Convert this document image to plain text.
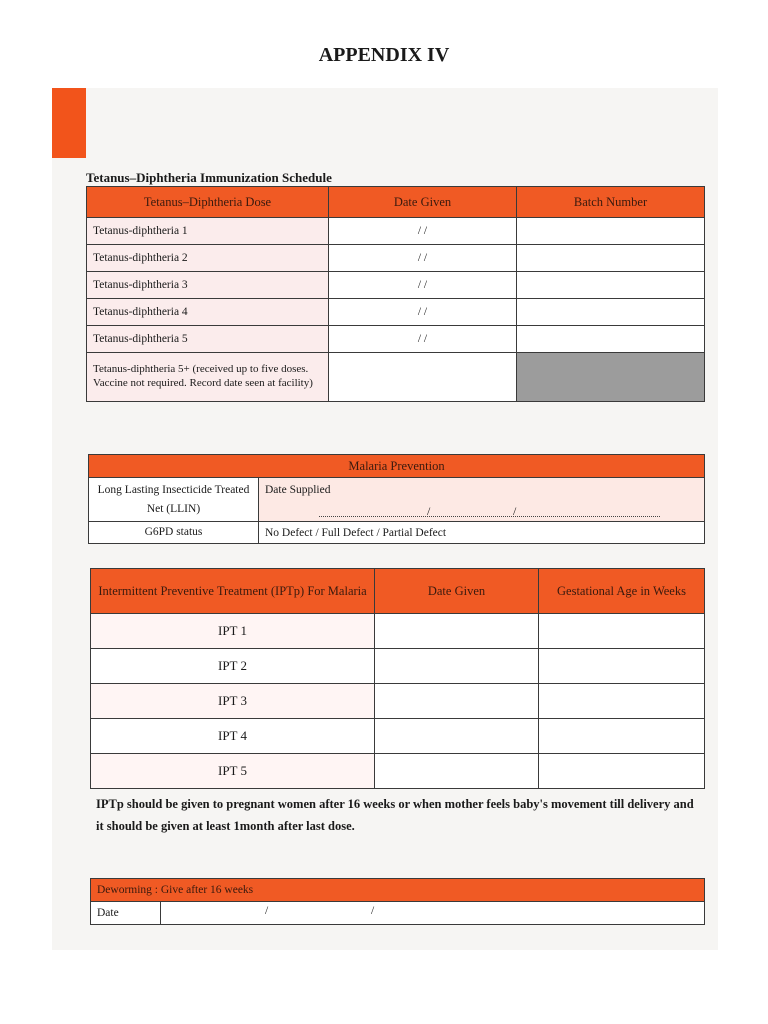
APPENDIX IV
Tetanus–Diphtheria Immunization Schedule
Tetanus–Diphtheria Dose	Date Given	Batch Number
Tetanus-diphtheria 1	/ /	
Tetanus-diphtheria 2	/ /	
Tetanus-diphtheria 3	/ /	
Tetanus-diphtheria 4	/ /	
Tetanus-diphtheria 5	/ /	
Tetanus-diphtheria 5+ (received up to five doses. Vaccine not required. Record date seen at facility)		
Malaria Prevention	
Long Lasting Insecticide Treated Net (LLIN)	Date Supplied
/ /

G6PD status	No Defect / Full Defect / Partial Defect
Intermittent Preventive Treatment (IPTp) For Malaria	Date Given	Gestational Age in Weeks
IPT 1		
IPT 2		
IPT 3		
IPT 4		
IPT 5		
IPTp should be given to pregnant women after 16 weeks or when mother feels baby's movement till delivery and it should be given at least 1month after last dose.
Deworming : Give after 16 weeks
Date	/	/
